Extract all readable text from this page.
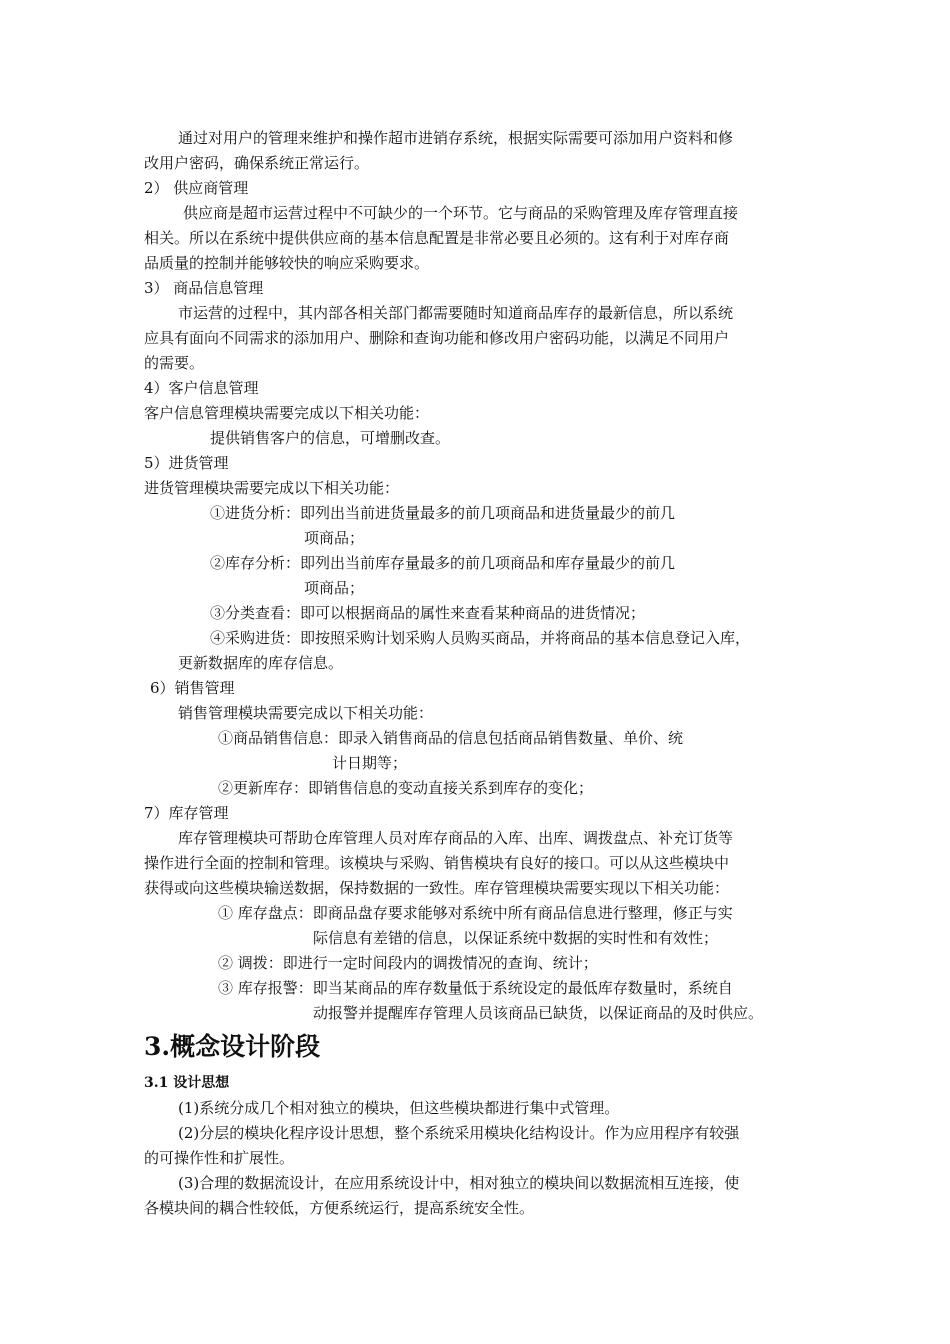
通过对用户的管理来维护和操作超市进销存系统，根据实际需要可添加用户资料和修
改用户密码，确保系统正常运行。
2） 供应商管理
供应商是超市运营过程中不可缺少的一个环节。它与商品的采购管理及库存管理直接
相关。所以在系统中提供供应商的基本信息配置是非常必要且必须的。这有利于对库存商
品质量的控制并能够较快的响应采购要求。
3） 商品信息管理
市运营的过程中，其内部各相关部门都需要随时知道商品库存的最新信息，所以系统
应具有面向不同需求的添加用户、删除和查询功能和修改用户密码功能，以满足不同用户
的需要。
4）客户信息管理
客户信息管理模块需要完成以下相关功能：
提供销售客户的信息，可增删改查。
5）进货管理
进货管理模块需要完成以下相关功能：
①进货分析：即列出当前进货量最多的前几项商品和进货量最少的前几
项商品；
②库存分析：即列出当前库存量最多的前几项商品和库存量最少的前几
项商品；
③分类查看：即可以根据商品的属性来查看某种商品的进货情况；
④采购进货：即按照采购计划采购人员购买商品，并将商品的基本信息登记入库，
更新数据库的库存信息。
6）销售管理
销售管理模块需要完成以下相关功能：
①商品销售信息：即录入销售商品的信息包括商品销售数量、单价、统
计日期等；
②更新库存：即销售信息的变动直接关系到库存的变化；
7）库存管理
库存管理模块可帮助仓库管理人员对库存商品的入库、出库、调拨盘点、补充订货等
操作进行全面的控制和管理。该模块与采购、销售模块有良好的接口。可以从这些模块中
获得或向这些模块输送数据，保持数据的一致性。库存管理模块需要实现以下相关功能：
① 库存盘点：即商品盘存要求能够对系统中所有商品信息进行整理，修正与实
际信息有差错的信息，以保证系统中数据的实时性和有效性；
② 调拨：即进行一定时间段内的调拨情况的查询、统计；
③ 库存报警：即当某商品的库存数量低于系统设定的最低库存数量时，系统自
动报警并提醒库存管理人员该商品已缺货，以保证商品的及时供应。
3.概念设计阶段
3.1 设计思想
(1)系统分成几个相对独立的模块，但这些模块都进行集中式管理。
(2)分层的模块化程序设计思想，整个系统采用模块化结构设计。作为应用程序有较强
的可操作性和扩展性。
(3)合理的数据流设计，在应用系统设计中，相对独立的模块间以数据流相互连接，使
各模块间的耦合性较低，方便系统运行，提高系统安全性。
